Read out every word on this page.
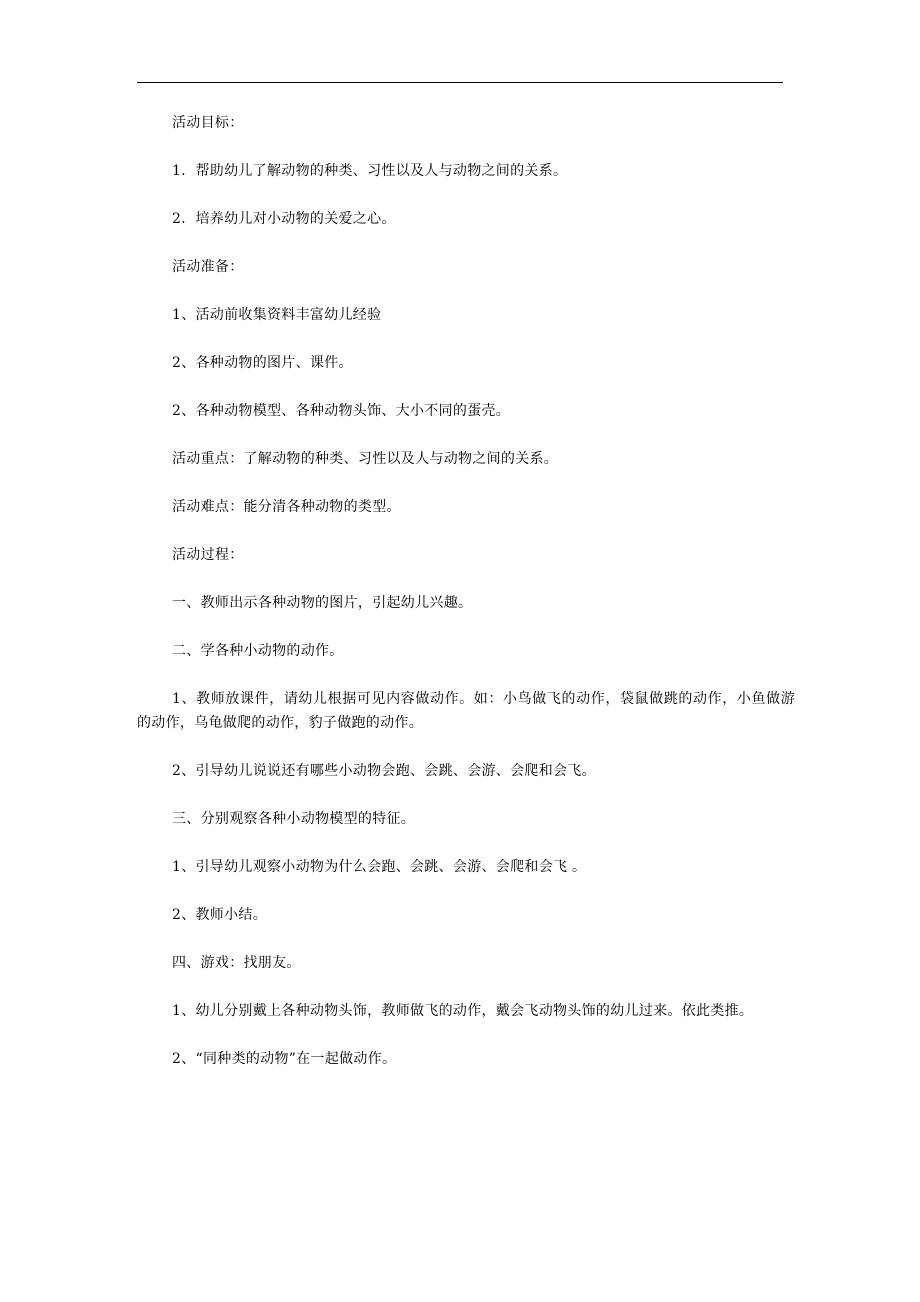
活动目标：

1．帮助幼儿了解动物的种类、习性以及人与动物之间的关系。

2．培养幼儿对小动物的关爱之心。

活动准备：

1、活动前收集资料丰富幼儿经验

2、各种动物的图片、课件。

2、各种动物模型、各种动物头饰、大小不同的蛋壳。

活动重点：了解动物的种类、习性以及人与动物之间的关系。

活动难点：能分清各种动物的类型。

活动过程：

一、教师出示各种动物的图片，引起幼儿兴趣。

二、学各种小动物的动作。

1、教师放课件，请幼儿根据可见内容做动作。如：小鸟做飞的动作，袋鼠做跳的动作，小鱼做游的动作，乌龟做爬的动作，豹子做跑的动作。

2、引导幼儿说说还有哪些小动物会跑、会跳、会游、会爬和会飞。

三、分别观察各种小动物模型的特征。

1、引导幼儿观察小动物为什么会跑、会跳、会游、会爬和会飞 。

2、教师小结。

四、游戏：找朋友。

1、幼儿分别戴上各种动物头饰，教师做飞的动作，戴会飞动物头饰的幼儿过来。依此类推。

2、“同种类的动物”在一起做动作。
